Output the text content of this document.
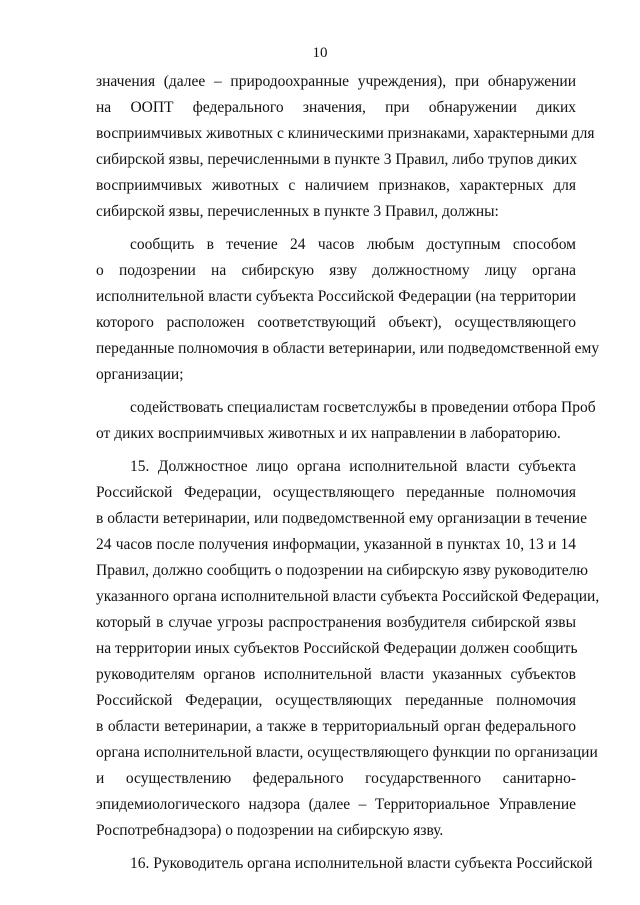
10
значения (далее – природоохранные учреждения), при обнаружении
на ООПТ федерального значения, при обнаружении диких
восприимчивых животных с клиническими признаками, характерными для
сибирской язвы, перечисленными в пункте 3 Правил, либо трупов диких
восприимчивых животных с наличием признаков, характерных для
сибирской язвы, перечисленных в пункте 3 Правил, должны:
сообщить в течение 24 часов любым доступным способом
о подозрении на сибирскую язву должностному лицу органа
исполнительной власти субъекта Российской Федерации (на территории
которого расположен соответствующий объект), осуществляющего
переданные полномочия в области ветеринарии, или подведомственной ему
организации;
содействовать специалистам госветслужбы в проведении отбора Проб
от диких восприимчивых животных и их направлении в лабораторию.
15. Должностное лицо органа исполнительной власти субъекта
Российской Федерации, осуществляющего переданные полномочия
в области ветеринарии, или подведомственной ему организации в течение
24 часов после получения информации, указанной в пунктах 10, 13 и 14
Правил, должно сообщить о подозрении на сибирскую язву руководителю
указанного органа исполнительной власти субъекта Российской Федерации,
который в случае угрозы распространения возбудителя сибирской язвы
на территории иных субъектов Российской Федерации должен сообщить
руководителям органов исполнительной власти указанных субъектов
Российской Федерации, осуществляющих переданные полномочия
в области ветеринарии, а также в территориальный орган федерального
органа исполнительной власти, осуществляющего функции по организации
и осуществлению федерального государственного санитарно-
эпидемиологического надзора (далее – Территориальное Управление
Роспотребнадзора) о подозрении на сибирскую язву.
16. Руководитель органа исполнительной власти субъекта Российской
